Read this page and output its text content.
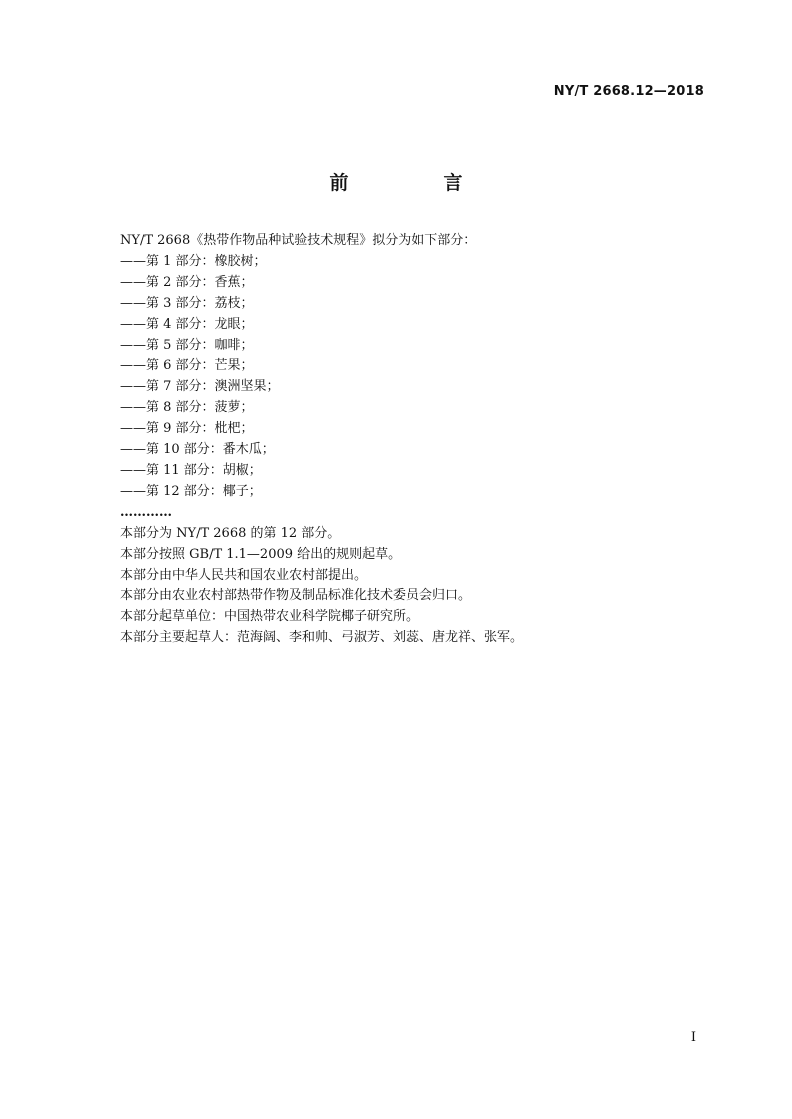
NY/T 2668.12—2018
前　言
NY/T 2668《热带作物品种试验技术规程》拟分为如下部分：
——第 1 部分：橡胶树；
——第 2 部分：香蕉；
——第 3 部分：荔枝；
——第 4 部分：龙眼；
——第 5 部分：咖啡；
——第 6 部分：芒果；
——第 7 部分：澳洲坚果；
——第 8 部分：菠萝；
——第 9 部分：枇杷；
——第 10 部分：番木瓜；
——第 11 部分：胡椒；
——第 12 部分：椰子；
…………
本部分为 NY/T 2668 的第 12 部分。
本部分按照 GB/T 1.1—2009 给出的规则起草。
本部分由中华人民共和国农业农村部提出。
本部分由农业农村部热带作物及制品标准化技术委员会归口。
本部分起草单位：中国热带农业科学院椰子研究所。
本部分主要起草人：范海阔、李和帅、弓淑芳、刘蕊、唐龙祥、张军。
I
